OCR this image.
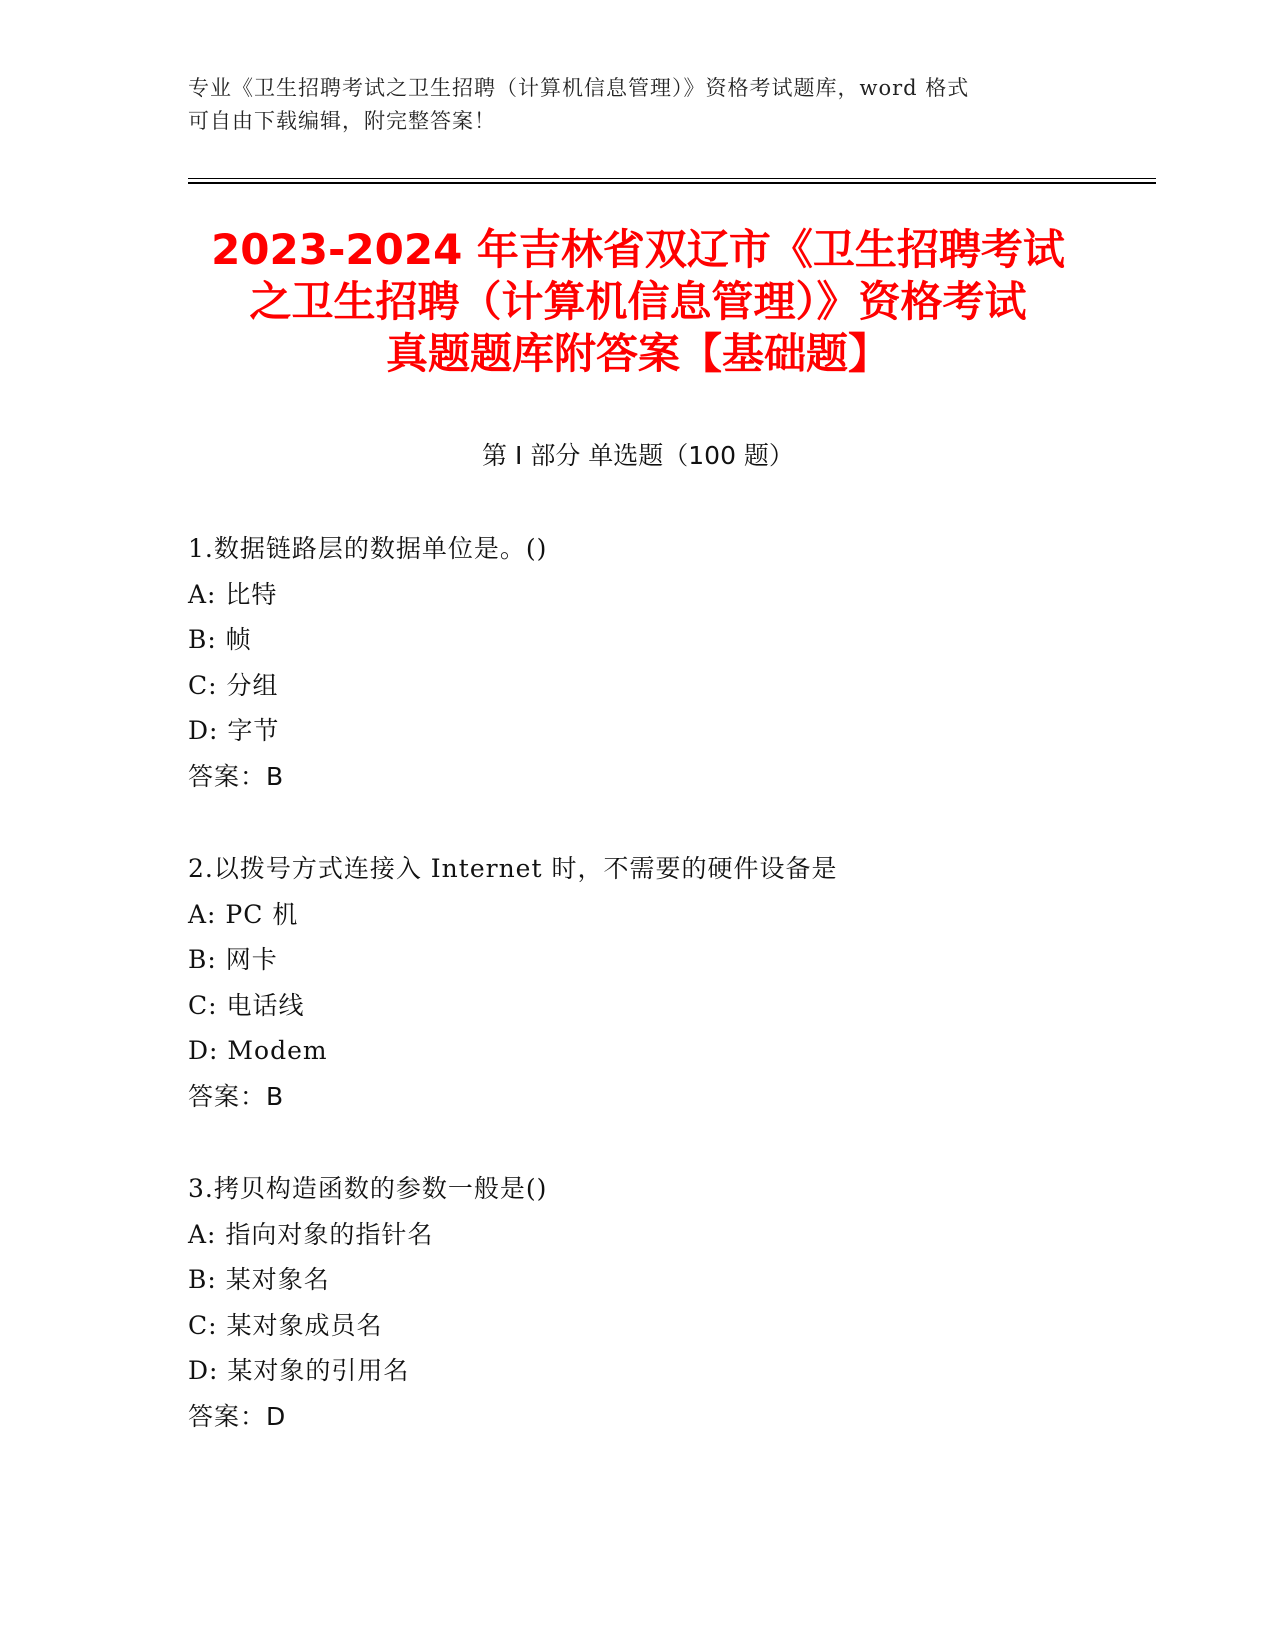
专业《卫生招聘考试之卫生招聘（计算机信息管理）》资格考试题库，word 格式
可自由下载编辑，附完整答案！
2023-2024 年吉林省双辽市《卫生招聘考试
之卫生招聘（计算机信息管理）》资格考试
真题题库附答案【基础题】
第 I 部分 单选题（100 题）
1.数据链路层的数据单位是。()
A: 比特
B: 帧
C: 分组
D: 字节
答案：B
2.以拨号方式连接入 Internet 时，不需要的硬件设备是
A: PC 机
B: 网卡
C: 电话线
D: Modem
答案：B
3.拷贝构造函数的参数一般是()
A: 指向对象的指针名
B: 某对象名
C: 某对象成员名
D: 某对象的引用名
答案：D
